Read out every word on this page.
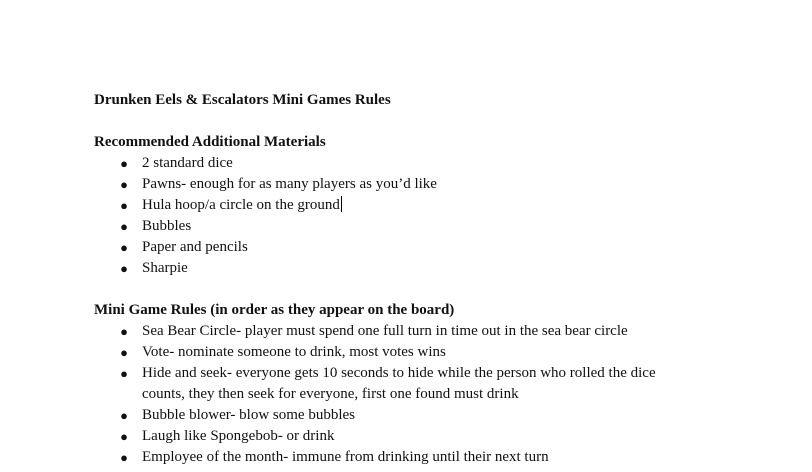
Drunken Eels & Escalators Mini Games Rules
Recommended Additional Materials
● 2 standard dice
● Pawns- enough for as many players as you’d like
● Hula hoop/a circle on the ground
● Bubbles
● Paper and pencils
● Sharpie
Mini Game Rules (in order as they appear on the board)
● Sea Bear Circle- player must spend one full turn in time out in the sea bear circle
● Vote- nominate someone to drink, most votes wins
● Hide and seek- everyone gets 10 seconds to hide while the person who rolled the dice counts, they then seek for everyone, first one found must drink
● Bubble blower- blow some bubbles
● Laugh like Spongebob- or drink
● Employee of the month- immune from drinking until their next turn
